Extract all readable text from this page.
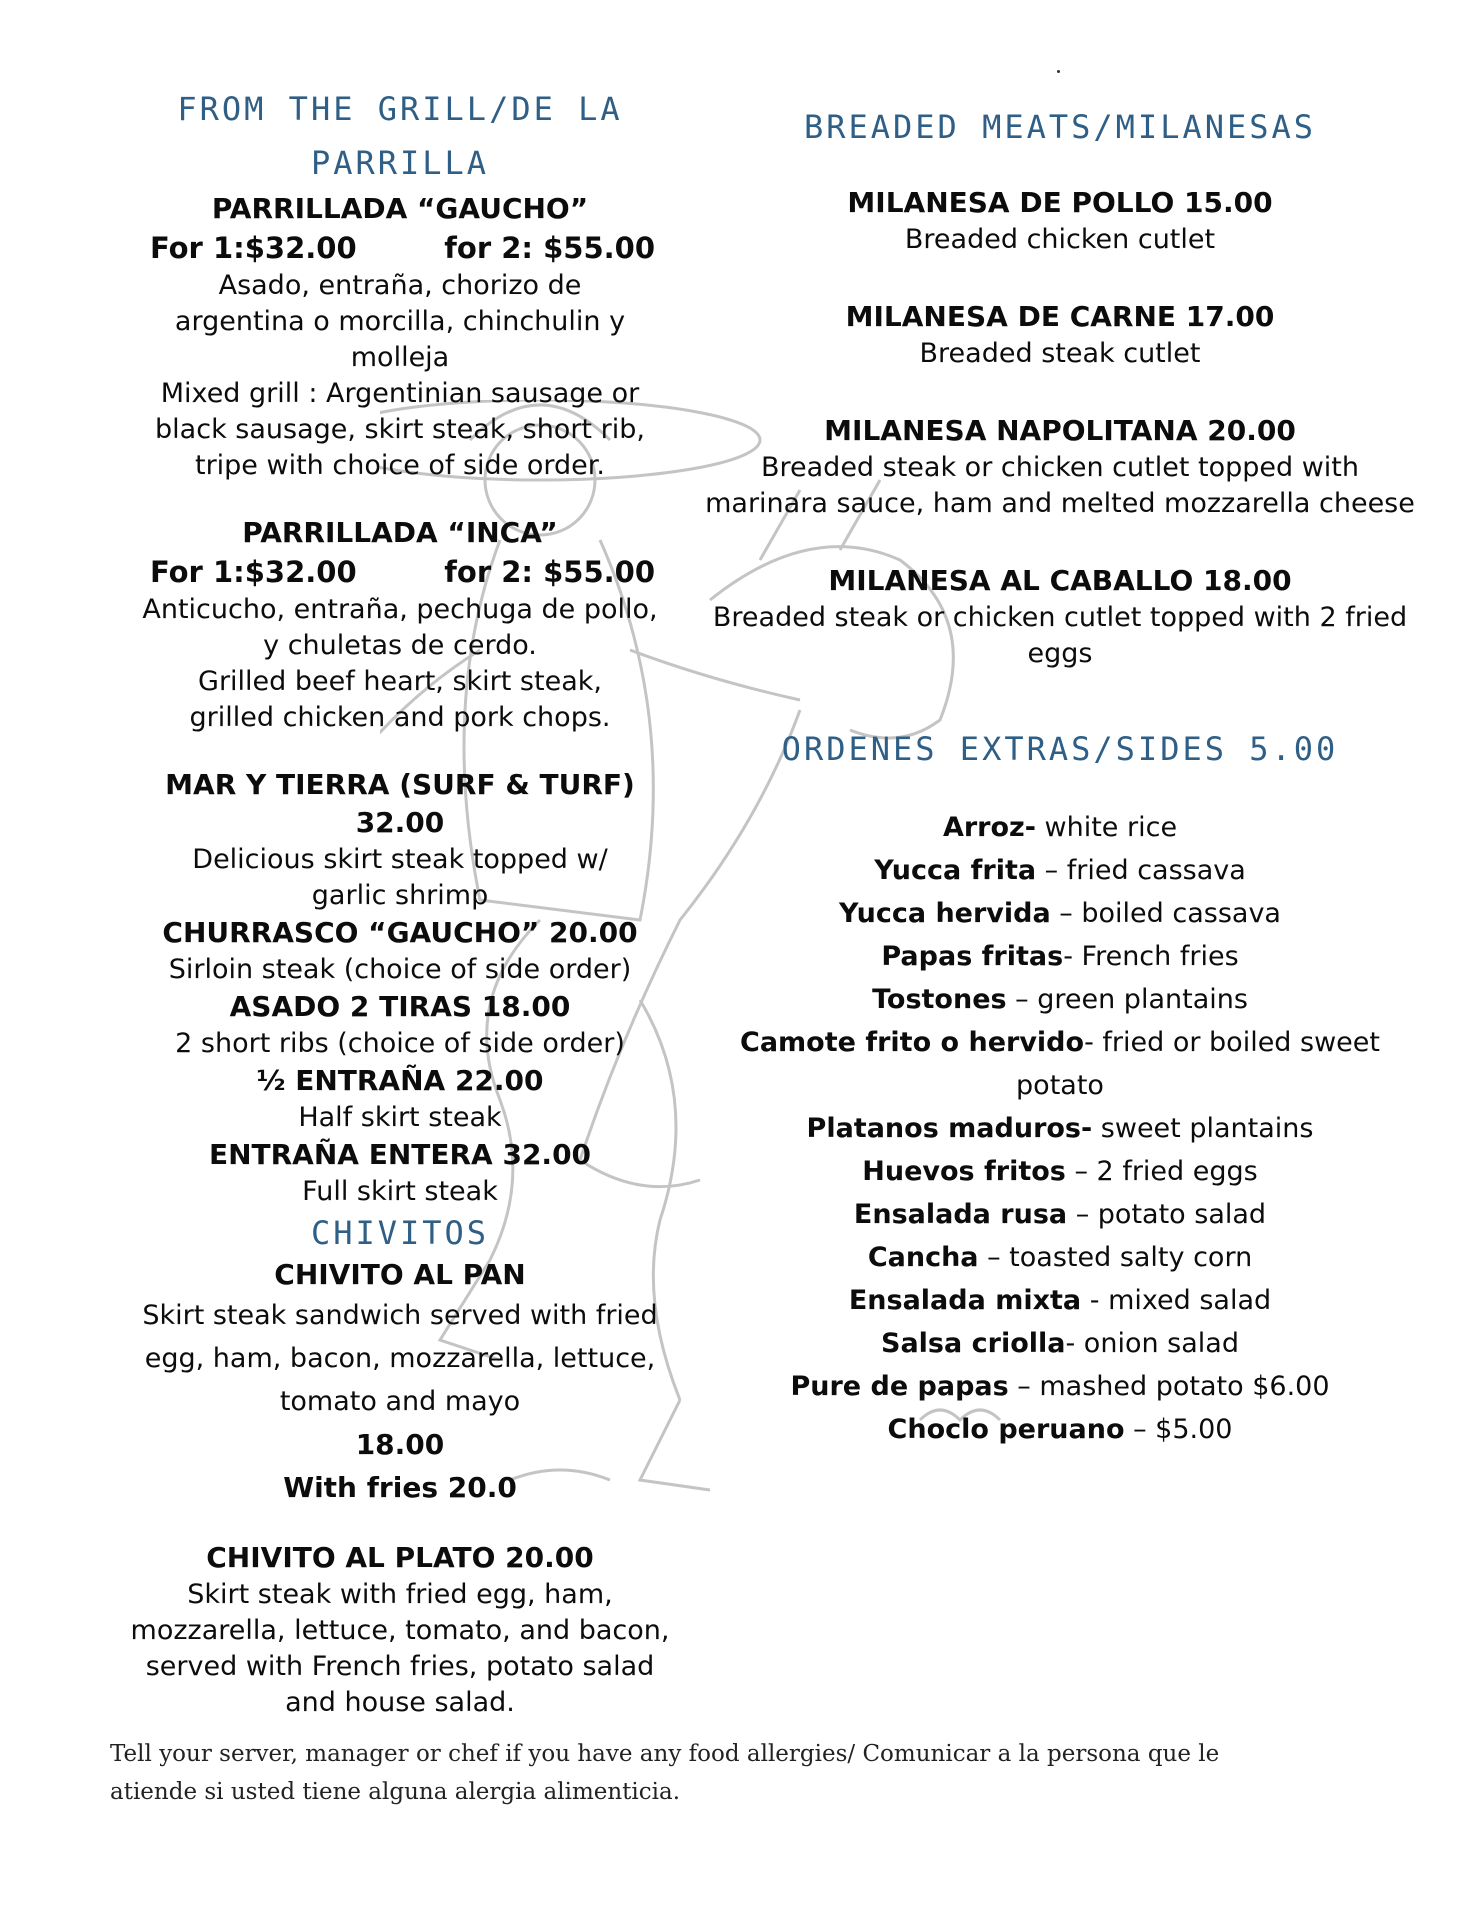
FROM THE GRILL/DE LA PARRILLA

PARRILLADA “GAUCHO”

For 1:$32.00	for 2: $55.00

Asado, entraña, chorizo de argentina o morcilla, chinchulin y molleja

Mixed grill : Argentinian sausage or black sausage, skirt steak, short rib, tripe with choice of side order.

PARRILLADA “INCA”

For 1:$32.00	for 2: $55.00

Anticucho, entraña, pechuga de pollo, y chuletas de cerdo.

Grilled beef heart, skirt steak, grilled chicken and pork chops.

MAR Y TIERRA (SURF & TURF)

32.00

Delicious skirt steak topped w/ garlic shrimp

CHURRASCO “GAUCHO” 20.00

Sirloin steak (choice of side order)

ASADO 2 TIRAS 18.00

2 short ribs (choice of side order)

½ ENTRAÑA 22.00

Half skirt steak

ENTRAÑA ENTERA 32.00

Full skirt steak

CHIVITOS

CHIVITO AL PAN

Skirt steak sandwich served with fried egg, ham, bacon, mozzarella, lettuce, tomato and mayo

18.00

With fries 20.0

CHIVITO AL PLATO 20.00

Skirt steak with fried egg, ham, mozzarella, lettuce, tomato, and bacon, served with French fries, potato salad and house salad.

BREADED MEATS/MILANESAS

MILANESA DE POLLO 15.00

Breaded chicken cutlet

MILANESA DE CARNE 17.00

Breaded steak cutlet

MILANESA NAPOLITANA 20.00

Breaded steak or chicken cutlet topped with marinara sauce, ham and melted mozzarella cheese

MILANESA AL CABALLO 18.00

Breaded steak or chicken cutlet topped with 2 fried eggs

ORDENES EXTRAS/SIDES 5.00

Arroz- white rice

Yucca frita – fried cassava

Yucca hervida – boiled cassava

Papas fritas- French fries

Tostones – green plantains

Camote frito o hervido- fried or boiled sweet potato

Platanos maduros- sweet plantains

Huevos fritos – 2 fried eggs

Ensalada rusa – potato salad

Cancha – toasted salty corn

Ensalada mixta - mixed salad

Salsa criolla- onion salad

Pure de papas – mashed potato $6.00

Choclo peruano – $5.00

Tell your server, manager or chef if you have any food allergies/ Comunicar a la persona que le atiende si usted tiene alguna alergia alimenticia.
